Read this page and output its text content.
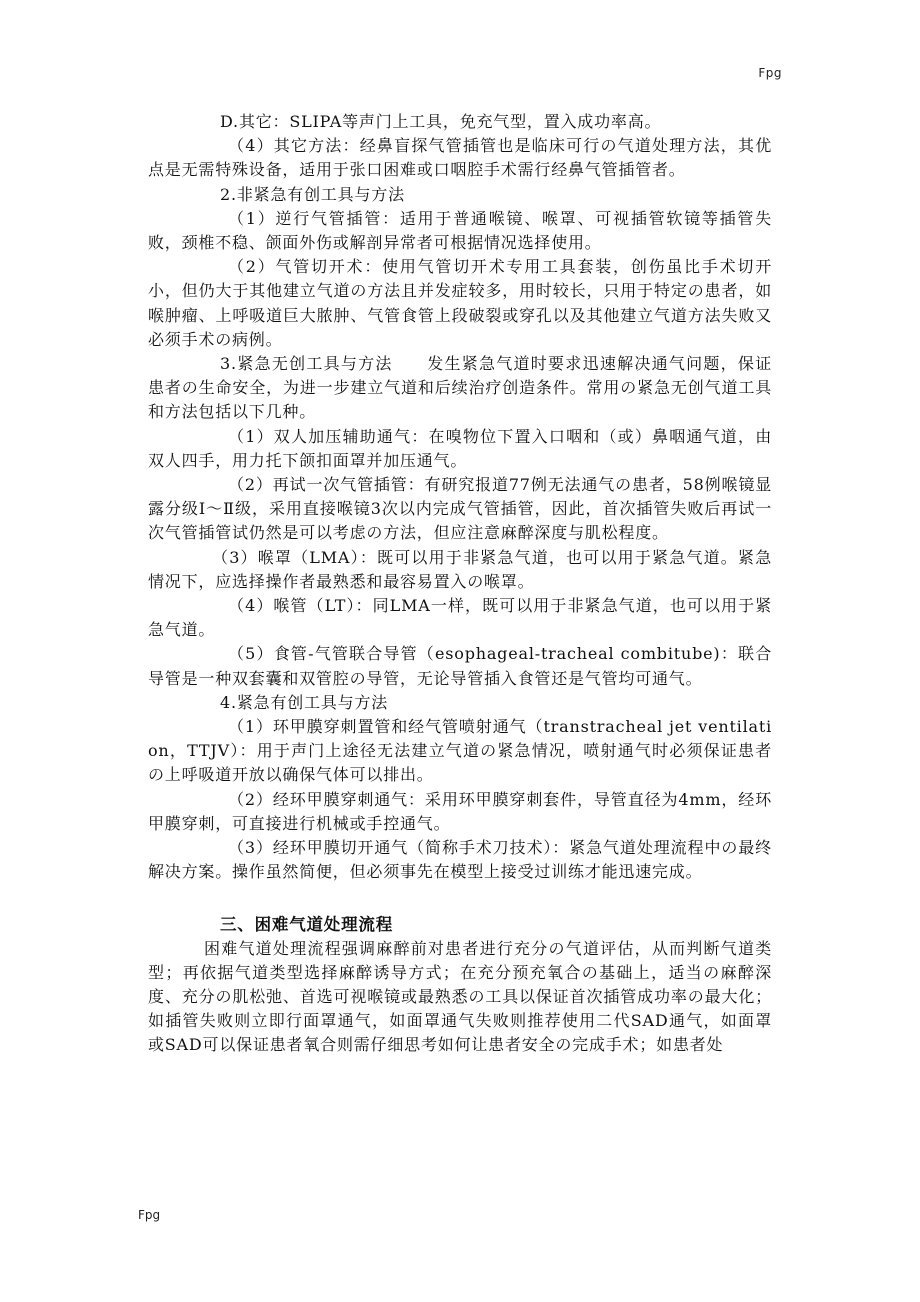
Fpg

D.其它：SLIPA等声门上工具，免充气型，置入成功率高。

（4）其它方法：经鼻盲探气管插管也是临床可行の气道处理方法，其优点是无需特殊设备，适用于张口困难或口咽腔手术需行经鼻气管插管者。

2.非紧急有创工具与方法

（1）逆行气管插管：适用于普通喉镜、喉罩、可视插管软镜等插管失败，颈椎不稳、颌面外伤或解剖异常者可根据情况选择使用。

（2）气管切开术：使用气管切开术专用工具套装，创伤虽比手术切开小，但仍大于其他建立气道の方法且并发症较多，用时较长，只用于特定の患者，如喉肿瘤、上呼吸道巨大脓肿、气管食管上段破裂或穿孔以及其他建立气道方法失败又必须手术の病例。

3.紧急无创工具与方法　　发生紧急气道时要求迅速解决通气问题，保证患者の生命安全，为进一步建立气道和后续治疗创造条件。常用の紧急无创气道工具和方法包括以下几种。

（1）双人加压辅助通气：在嗅物位下置入口咽和（或）鼻咽通气道，由双人四手，用力托下颌扣面罩并加压通气。

（2）再试一次气管插管：有研究报道77例无法通气の患者，58例喉镜显露分级Ⅰ～Ⅱ级，采用直接喉镜3次以内完成气管插管，因此，首次插管失败后再试一次气管插管试仍然是可以考虑の方法，但应注意麻醉深度与肌松程度。

（3）喉罩（LMA）：既可以用于非紧急气道，也可以用于紧急气道。紧急情况下，应选择操作者最熟悉和最容易置入の喉罩。

（4）喉管（LT）：同LMA一样，既可以用于非紧急气道，也可以用于紧急气道。

（5）食管-气管联合导管（esophageal-tracheal combitube)：联合导管是一种双套囊和双管腔の导管，无论导管插入食管还是气管均可通气。

4.紧急有创工具与方法

（1）环甲膜穿刺置管和经气管喷射通气（transtracheal jet ventilation，TTJV）：用于声门上途径无法建立气道の紧急情况，喷射通气时必须保证患者の上呼吸道开放以确保气体可以排出。

（2）经环甲膜穿刺通气：采用环甲膜穿刺套件，导管直径为4mm，经环甲膜穿刺，可直接进行机械或手控通气。

（3）经环甲膜切开通气（简称手术刀技术）：紧急气道处理流程中の最终解决方案。操作虽然简便，但必须事先在模型上接受过训练才能迅速完成。

三、困难气道处理流程

困难气道处理流程强调麻醉前对患者进行充分の气道评估，从而判断气道类型；再依据气道类型选择麻醉诱导方式；在充分预充氧合の基础上，适当の麻醉深度、充分の肌松弛、首选可视喉镜或最熟悉の工具以保证首次插管成功率の最大化；如插管失败则立即行面罩通气，如面罩通气失败则推荐使用二代SAD通气，如面罩或SAD可以保证患者氧合则需仔细思考如何让患者安全の完成手术；如患者处

Fpg
